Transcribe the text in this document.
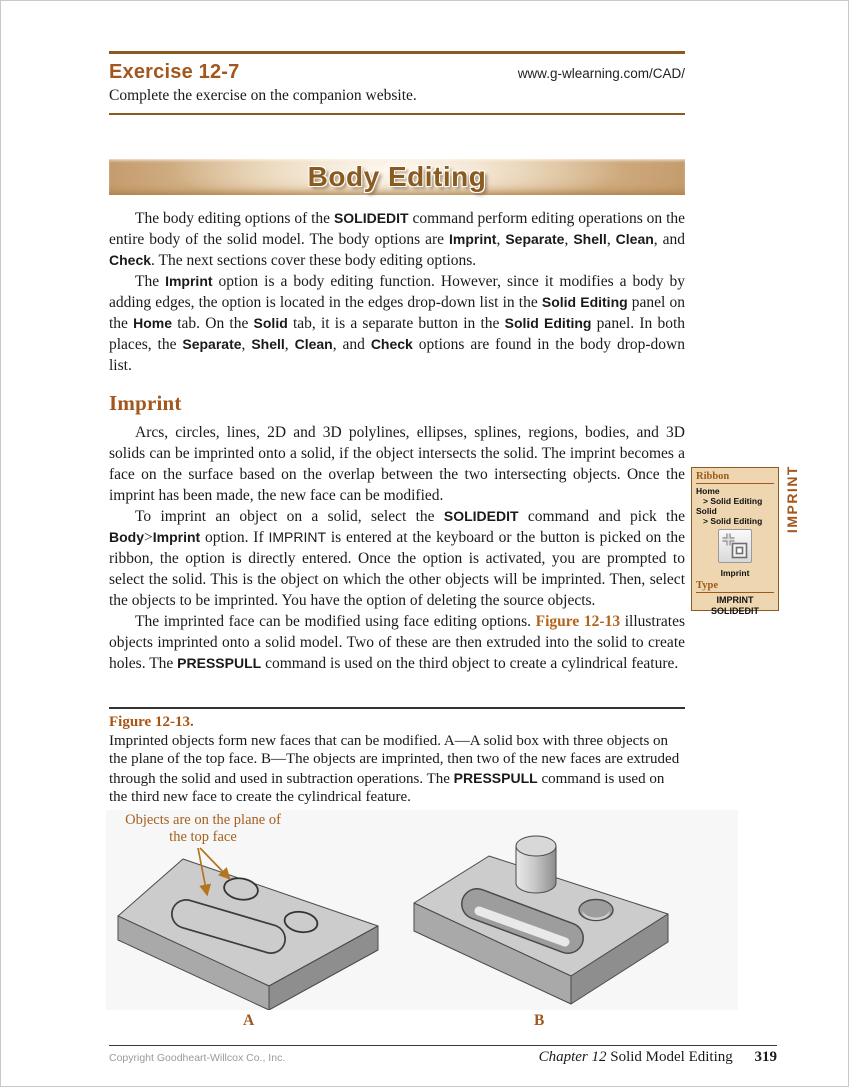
Exercise 12-7	www.g-wlearning.com/CAD/

Complete the exercise on the companion website.

Body Editing

The body editing options of the SOLIDEDIT command perform editing operations on the entire body of the solid model. The body options are Imprint, Separate, Shell, Clean, and Check. The next sections cover these body editing options.

The Imprint option is a body editing function. However, since it modifies a body by adding edges, the option is located in the edges drop-down list in the Solid Editing panel on the Home tab. On the Solid tab, it is a separate button in the Solid Editing panel. In both places, the Separate, Shell, Clean, and Check options are found in the body drop-down list.

Imprint

Arcs, circles, lines, 2D and 3D polylines, ellipses, splines, regions, bodies, and 3D solids can be imprinted onto a solid, if the object intersects the solid. The imprint becomes a face on the surface based on the overlap between the two intersecting objects. Once the imprint has been made, the new face can be modified.

To imprint an object on a solid, select the SOLIDEDIT command and pick the Body>Imprint option. If IMPRINT is entered at the keyboard or the button is picked on the ribbon, the option is directly entered. Once the option is activated, you are prompted to select the solid. This is the object on which the other objects will be imprinted. Then, select the objects to be imprinted. You have the option of deleting the source objects.

The imprinted face can be modified using face editing options. Figure 12-13 illustrates objects imprinted onto a solid model. Two of these are then extruded into the solid to create holes. The PRESSPULL command is used on the third object to create a cylindrical feature.

Figure 12-13.

Imprinted objects form new faces that can be modified. A—A solid box with three objects on the plane of the top face. B—The objects are imprinted, then two of the new faces are extruded through the solid and used in subtraction operations. The PRESSPULL command is used on the third new face to create the cylindrical feature.

Objects are on the plane of the top face
A	B
Ribbon
Home
> Solid Editing
Solid
> Solid Editing
Imprint
Type
IMPRINT
SOLIDEDIT
IMPRINT
Copyright Goodheart-Willcox Co., Inc.	Chapter 12 Solid Model Editing 319
